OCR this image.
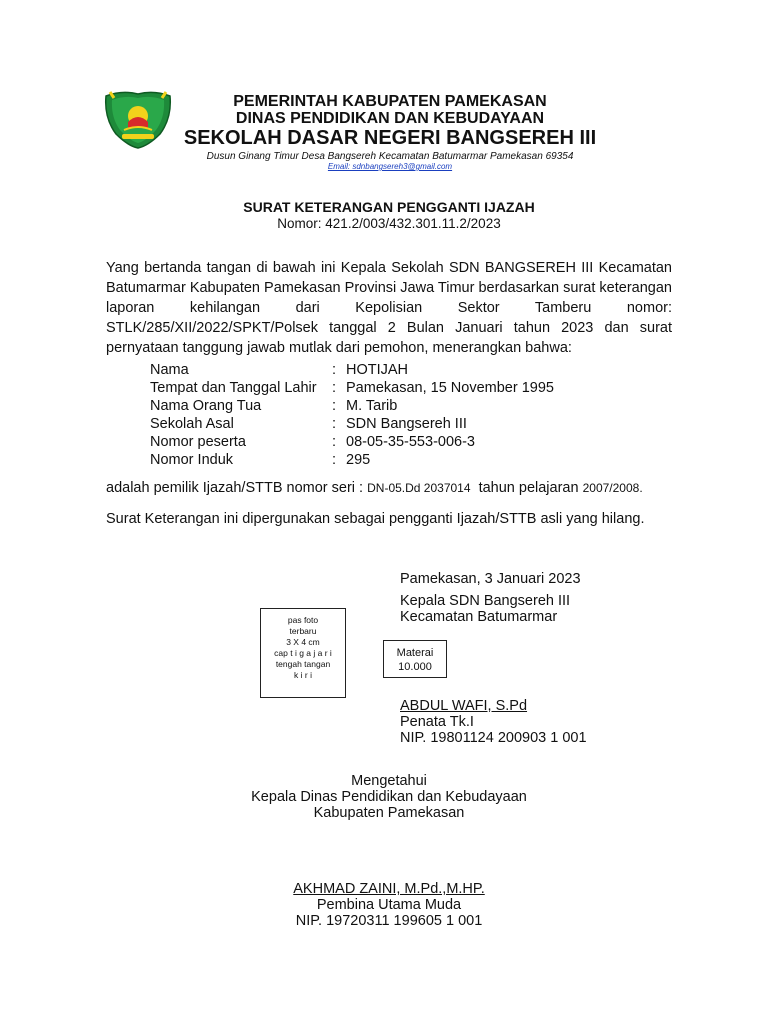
PEMERINTAH KABUPATEN PAMEKASAN
DINAS PENDIDIKAN DAN KEBUDAYAAN
SEKOLAH DASAR NEGERI BANGSEREH III
Dusun Ginang Timur Desa Bangsereh Kecamatan Batumarmar Pamekasan 69354
Email: sdnbangsereh3@gmail.com
SURAT KETERANGAN PENGGANTI IJAZAH
Nomor: 421.2/003/432.301.11.2/2023
Yang bertanda tangan di bawah ini Kepala Sekolah SDN BANGSEREH III Kecamatan Batumarmar Kabupaten Pamekasan Provinsi Jawa Timur berdasarkan surat keterangan laporan kehilangan dari Kepolisian Sektor Tamberu nomor: STLK/285/XII/2022/SPKT/Polsek tanggal 2 Bulan Januari tahun 2023 dan surat pernyataan tanggung jawab mutlak dari pemohon, menerangkan bahwa:
Nama	: HOTIJAH
Tempat dan Tanggal Lahir	: Pamekasan, 15 November 1995
Nama Orang Tua	: M. Tarib
Sekolah Asal	: SDN Bangsereh III
Nomor peserta	: 08-05-35-553-006-3
Nomor Induk	: 295
adalah pemilik Ijazah/STTB nomor seri : DN-05.Dd 2037014 tahun pelajaran 2007/2008.
Surat Keterangan ini dipergunakan sebagai pengganti Ijazah/STTB asli yang hilang.
Pamekasan, 3 Januari 2023
Kepala SDN Bangsereh III
Kecamatan Batumarmar
pas foto
terbaru
3 X 4 cm
cap t i g a j a r i
tengah tangan
k i r i
Materai
10.000
ABDUL WAFI, S.Pd
Penata Tk.I
NIP. 19801124 200903 1 001
Mengetahui
Kepala Dinas Pendidikan dan Kebudayaan
Kabupaten Pamekasan
AKHMAD ZAINI, M.Pd.,M.HP.
Pembina Utama Muda
NIP. 19720311 199605 1 001
